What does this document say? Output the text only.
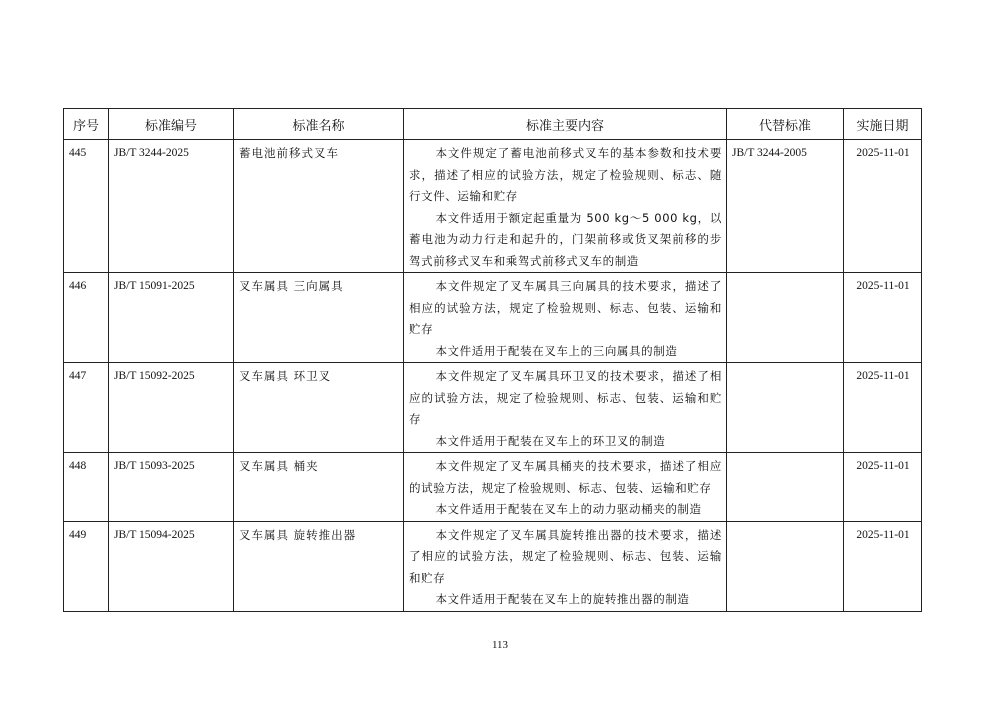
序号	标准编号	标准名称	标准主要内容	代替标准	实施日期
445	JB/T 3244-2025	蓄电池前移式叉车	本文件规定了蓄电池前移式叉车的基本参数和技术要求，描述了相应的试验方法，规定了检验规则、标志、随行文件、运输和贮存

本文件适用于额定起重量为 500 kg～5 000 kg，以蓄电池为动力行走和起升的，门架前移或货叉架前移的步驾式前移式叉车和乘驾式前移式叉车的制造	JB/T 3244-2005	2025-11-01
446	JB/T 15091-2025	叉车属具 三向属具	本文件规定了叉车属具三向属具的技术要求，描述了相应的试验方法，规定了检验规则、标志、包装、运输和贮存

本文件适用于配装在叉车上的三向属具的制造		2025-11-01
447	JB/T 15092-2025	叉车属具 环卫叉	本文件规定了叉车属具环卫叉的技术要求，描述了相应的试验方法，规定了检验规则、标志、包装、运输和贮存

本文件适用于配装在叉车上的环卫叉的制造		2025-11-01
448	JB/T 15093-2025	叉车属具 桶夹	本文件规定了叉车属具桶夹的技术要求，描述了相应的试验方法，规定了检验规则、标志、包装、运输和贮存

本文件适用于配装在叉车上的动力驱动桶夹的制造		2025-11-01
449	JB/T 15094-2025	叉车属具 旋转推出器	本文件规定了叉车属具旋转推出器的技术要求，描述了相应的试验方法，规定了检验规则、标志、包装、运输和贮存

本文件适用于配装在叉车上的旋转推出器的制造		2025-11-01
113
